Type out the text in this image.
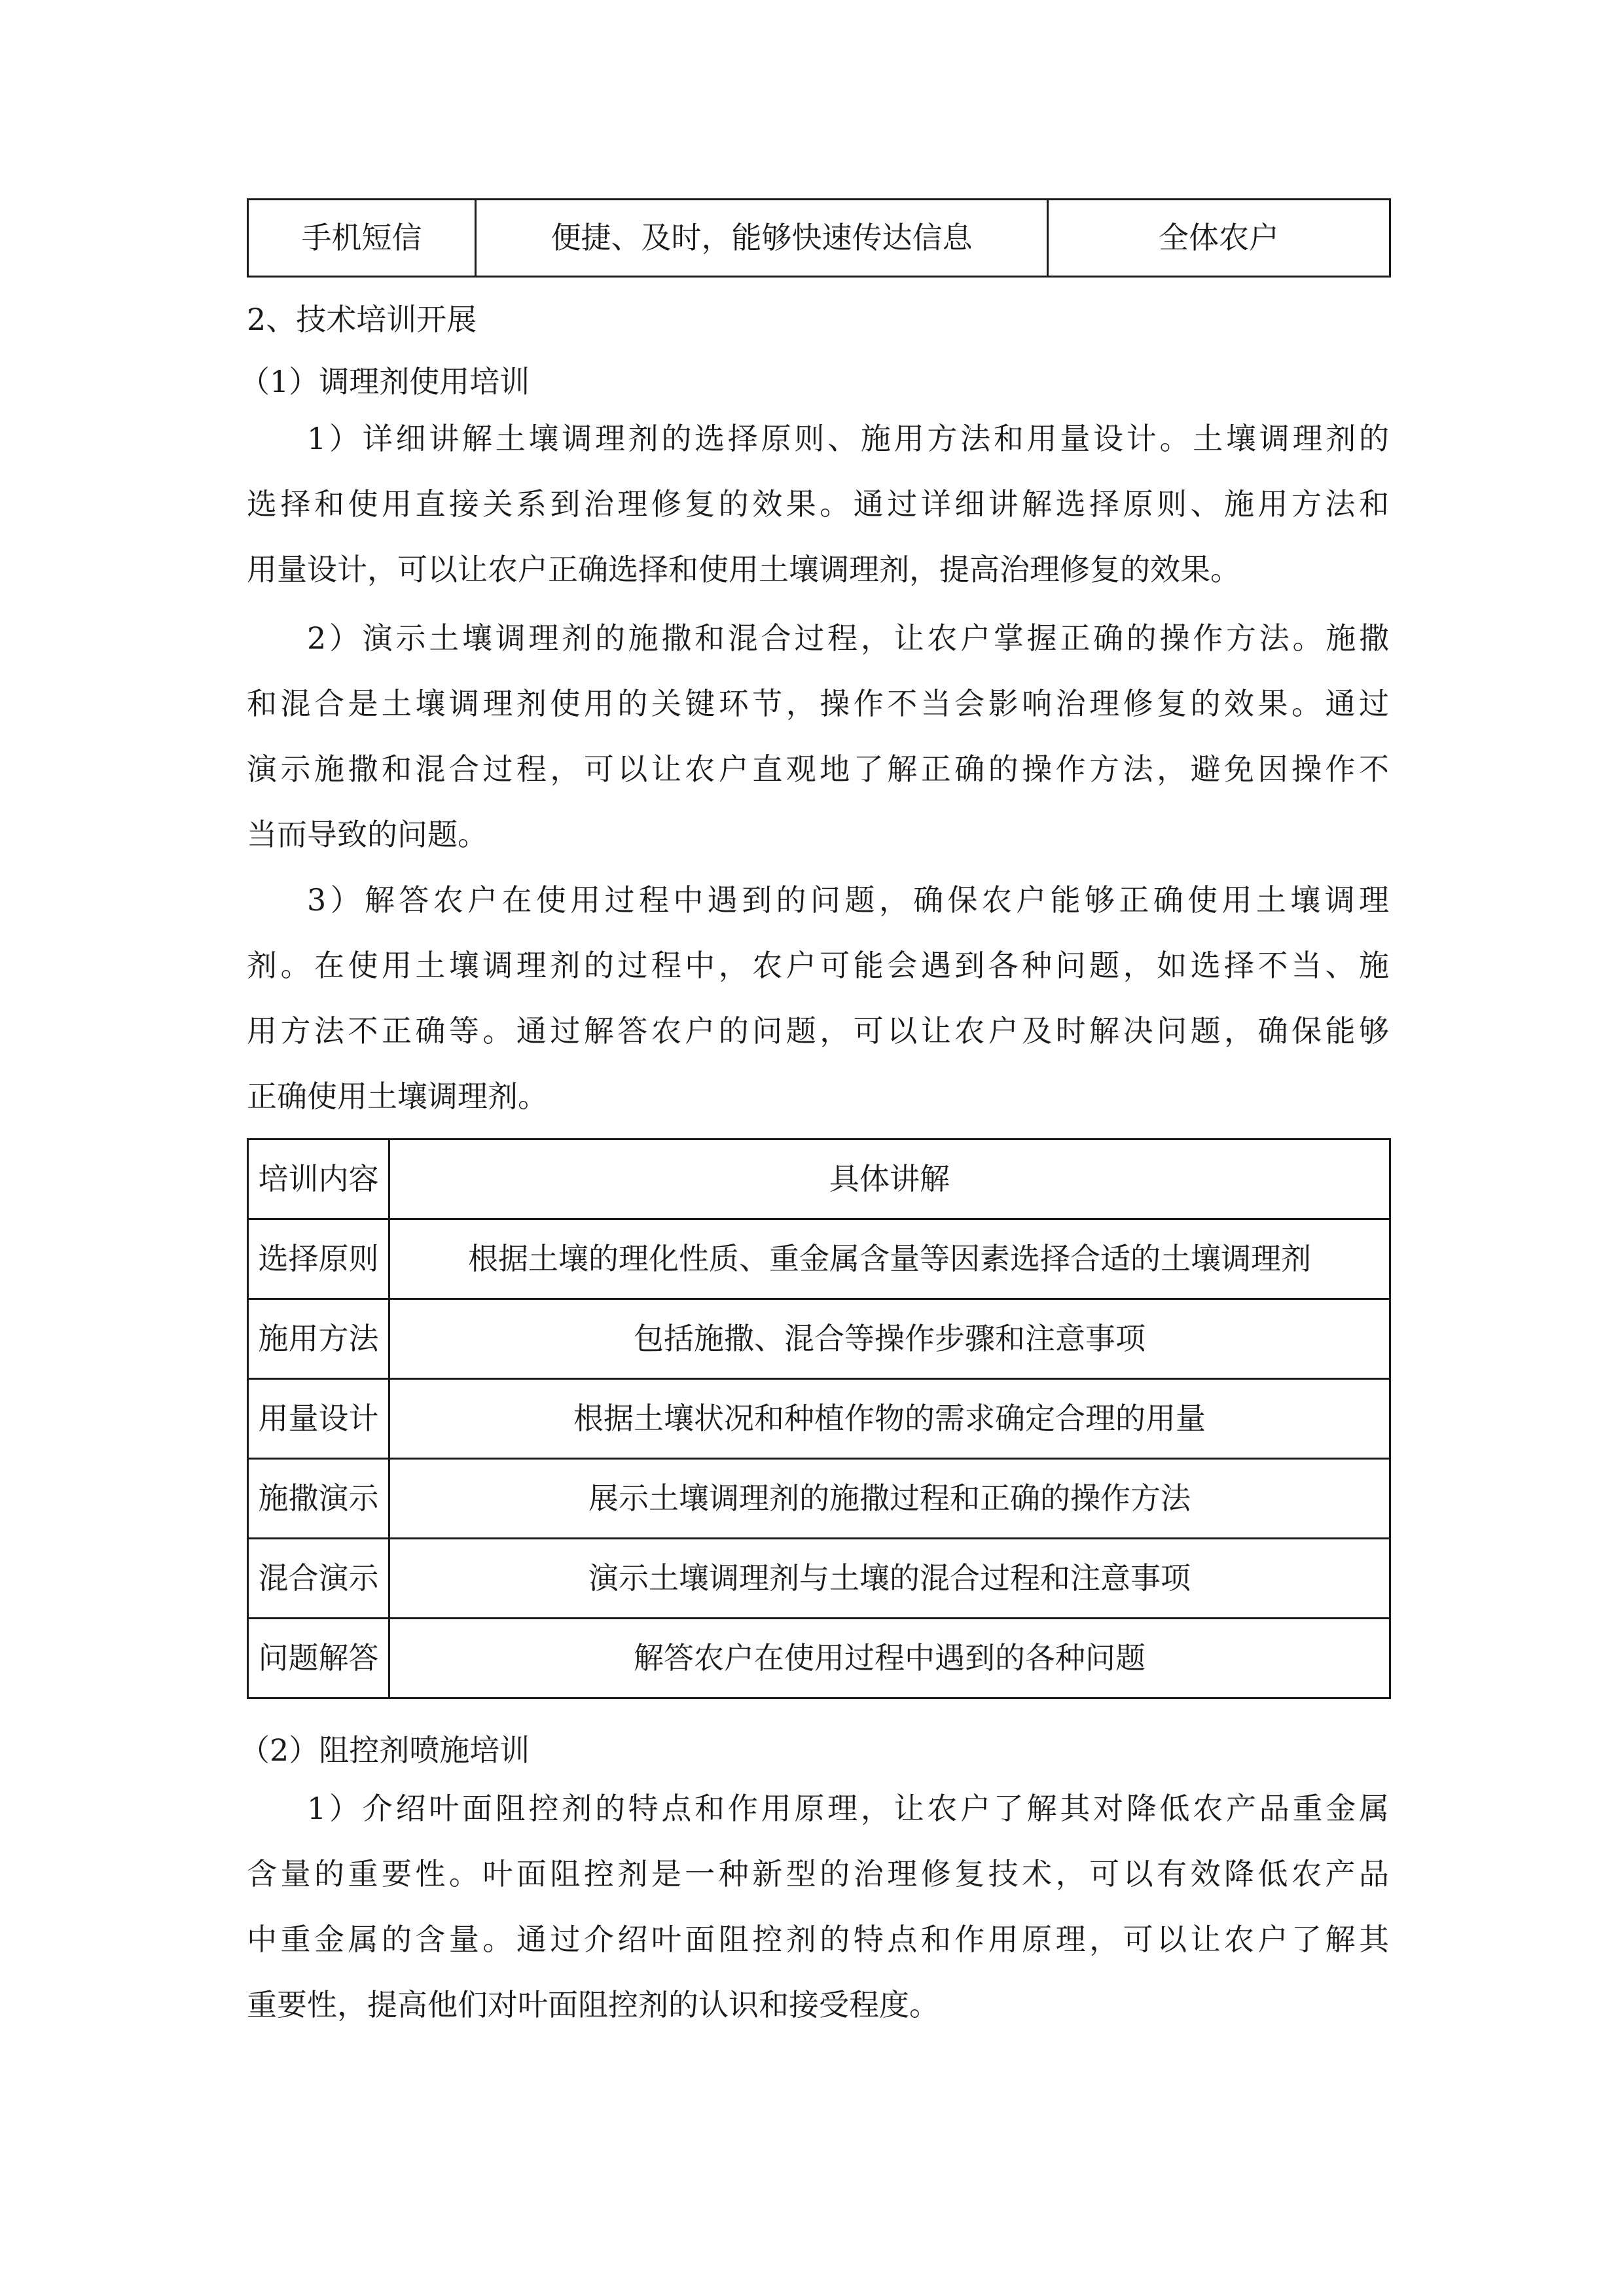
手机短信	便捷、及时，能够快速传达信息	全体农户

2、技术培训开展

（1）调理剂使用培训

1）详细讲解土壤调理剂的选择原则、施用方法和用量设计。土壤调理剂的
选择和使用直接关系到治理修复的效果。通过详细讲解选择原则、施用方法和
用量设计，可以让农户正确选择和使用土壤调理剂，提高治理修复的效果。
2）演示土壤调理剂的施撒和混合过程，让农户掌握正确的操作方法。施撒
和混合是土壤调理剂使用的关键环节，操作不当会影响治理修复的效果。通过
演示施撒和混合过程，可以让农户直观地了解正确的操作方法，避免因操作不
当而导致的问题。
3）解答农户在使用过程中遇到的问题，确保农户能够正确使用土壤调理
剂。在使用土壤调理剂的过程中，农户可能会遇到各种问题，如选择不当、施
用方法不正确等。通过解答农户的问题，可以让农户及时解决问题，确保能够
正确使用土壤调理剂。
培训内容	具体讲解
选择原则	根据土壤的理化性质、重金属含量等因素选择合适的土壤调理剂
施用方法	包括施撒、混合等操作步骤和注意事项
用量设计	根据土壤状况和种植作物的需求确定合理的用量
施撒演示	展示土壤调理剂的施撒过程和正确的操作方法
混合演示	演示土壤调理剂与土壤的混合过程和注意事项
问题解答	解答农户在使用过程中遇到的各种问题

（2）阻控剂喷施培训

1）介绍叶面阻控剂的特点和作用原理，让农户了解其对降低农产品重金属
含量的重要性。叶面阻控剂是一种新型的治理修复技术，可以有效降低农产品
中重金属的含量。通过介绍叶面阻控剂的特点和作用原理，可以让农户了解其
重要性，提高他们对叶面阻控剂的认识和接受程度。
